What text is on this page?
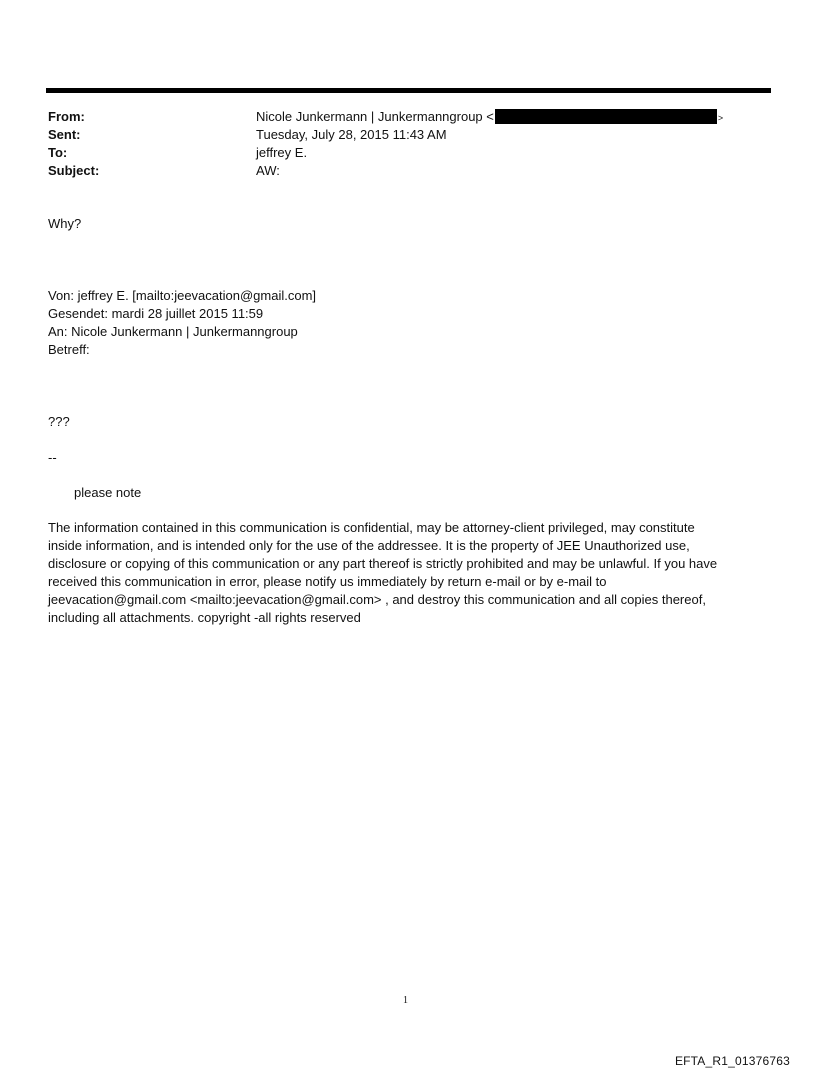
From:	Nicole Junkermann | Junkermanngroup <	>
Sent:	Tuesday, July 28, 2015 11:43 AM
To:	jeffrey E.
Subject:	AW:
Why?
Von: jeffrey E. [mailto:jeevacation@gmail.com]
Gesendet: mardi 28 juillet 2015 11:59
An: Nicole Junkermann | Junkermanngroup
Betreff:
???
--
please note
The information contained in this communication is confidential, may be attorney-client privileged, may constitute
inside information, and is intended only for the use of the addressee. It is the property of JEE Unauthorized use,
disclosure or copying of this communication or any part thereof is strictly prohibited and may be unlawful. If you have
received this communication in error, please notify us immediately by return e-mail or by e-mail to
jeevacation@gmail.com <mailto:jeevacation@gmail.com> , and destroy this communication and all copies thereof,
including all attachments. copyright -all rights reserved
1
EFTA_R1_01376763
